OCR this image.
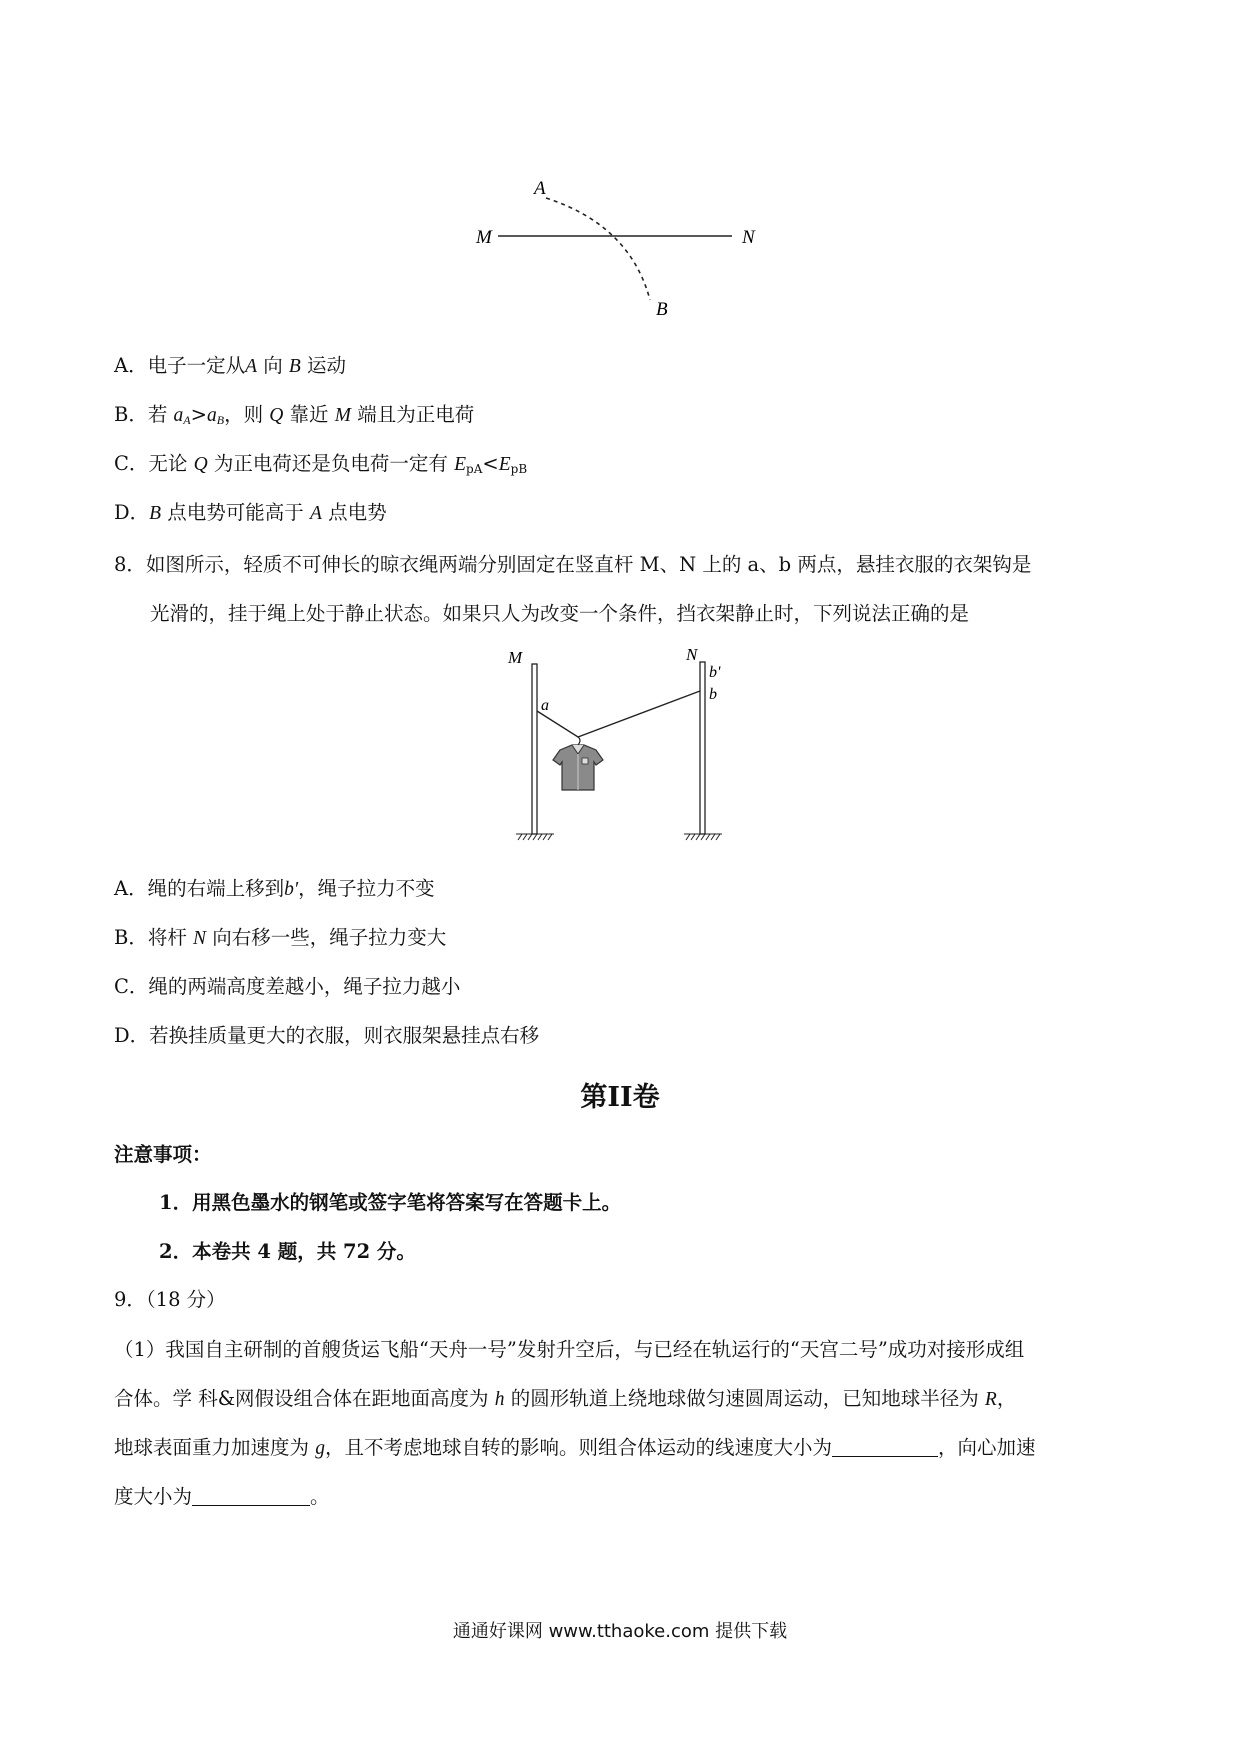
A
M	N
B
A．电子一定从A 向 B 运动
B．若 $a_A>a_B$，则 Q 靠近 M 端且为正电荷
C．无论 Q 为正电荷还是负电荷一定有 $E_{pA}<E_{pB}$
D．B 点电势可能高于 A 点电势
8．如图所示，轻质不可伸长的晾衣绳两端分别固定在竖直杆 M、N 上的 a、b 两点，悬挂衣服的衣架钩是
光滑的，挂于绳上处于静止状态。如果只人为改变一个条件，挡衣架静止时，下列说法正确的是
M	N
a
b'
b
A．绳的右端上移到b′，绳子拉力不变
B．将杆 N 向右移一些，绳子拉力变大
C．绳的两端高度差越小，绳子拉力越小
D．若换挂质量更大的衣服，则衣服架悬挂点右移
第II卷
注意事项：
1．用黑色墨水的钢笔或签字笔将答案写在答题卡上。
2．本卷共 4 题，共 72 分。
9．（18 分）
（1）我国自主研制的首艘货运飞船“天舟一号”发射升空后，与已经在轨运行的“天宫二号”成功对接形成组
合体。学 科&网假设组合体在距地面高度为 h 的圆形轨道上绕地球做匀速圆周运动，已知地球半径为 R，
地球表面重力加速度为 g，且不考虑地球自转的影响。则组合体运动的线速度大小为	，向心加速
度大小为	。
通通好课网 www.tthaoke.com 提供下载
